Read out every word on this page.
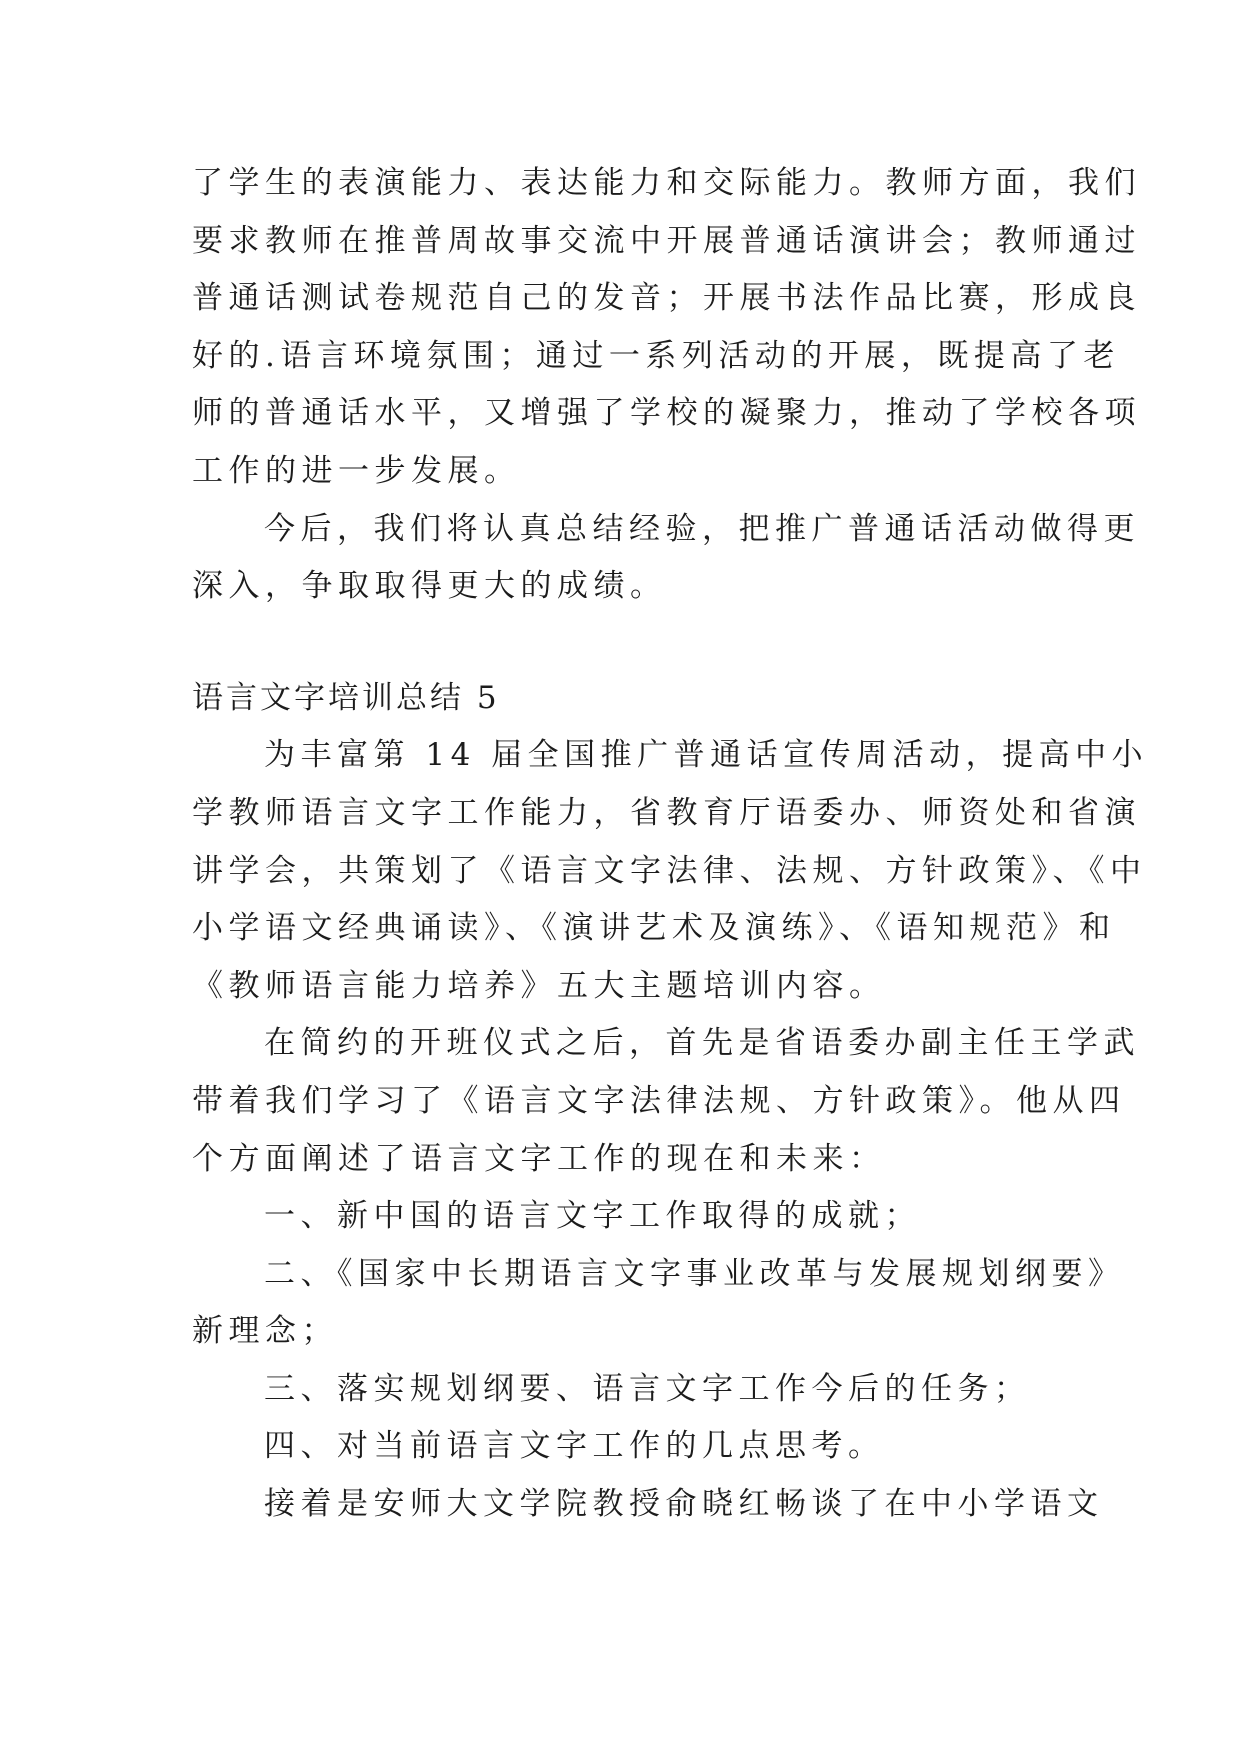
了学生的表演能力、表达能力和交际能力。教师方面，我们
要求教师在推普周故事交流中开展普通话演讲会；教师通过
普通话测试卷规范自己的发音；开展书法作品比赛，形成良
好的.语言环境氛围；通过一系列活动的开展，既提高了老
师的普通话水平，又增强了学校的凝聚力，推动了学校各项
工作的进一步发展。
今后，我们将认真总结经验，把推广普通话活动做得更
深入，争取取得更大的成绩。
语言文字培训总结 5
为丰富第 14 届全国推广普通话宣传周活动，提高中小
学教师语言文字工作能力，省教育厅语委办、师资处和省演
讲学会，共策划了《语言文字法律、法规、方针政策》、《中
小学语文经典诵读》、《演讲艺术及演练》、《语知规范》和
《教师语言能力培养》五大主题培训内容。
在简约的开班仪式之后，首先是省语委办副主任王学武
带着我们学习了《语言文字法律法规、方针政策》。他从四
个方面阐述了语言文字工作的现在和未来：
一、新中国的语言文字工作取得的成就；
二、《国家中长期语言文字事业改革与发展规划纲要》
新理念；
三、落实规划纲要、语言文字工作今后的任务；
四、对当前语言文字工作的几点思考。
接着是安师大文学院教授俞晓红畅谈了在中小学语文
